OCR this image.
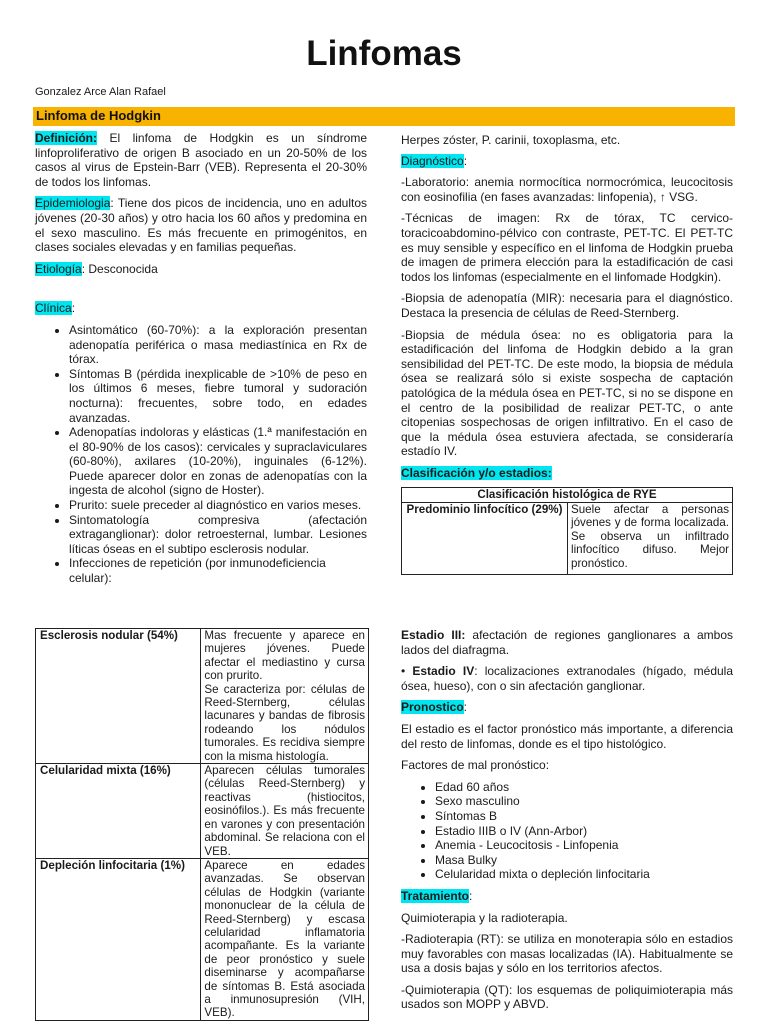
Linfomas
Gonzalez Arce Alan Rafael
Linfoma de Hodgkin

Definición: El linfoma de Hodgkin es un síndrome linfoproliferativo de origen B asociado en un 20-50% de los casos al virus de Epstein-Barr (VEB). Representa el 20-30% de todos los linfomas.

Epidemiologia: Tiene dos picos de incidencia, uno en adultos jóvenes (20-30 años) y otro hacia los 60 años y predomina en el sexo masculino. Es más frecuente en primogénitos, en clases sociales elevadas y en familias pequeñas.

Etiología: Desconocida

Clínica:

• Asintomático (60-70%): a la exploración presentan adenopatía periférica o masa mediastínica en Rx de tórax.
• Síntomas B (pérdida inexplicable de >10% de peso en los últimos 6 meses, fiebre tumoral y sudoración nocturna): frecuentes, sobre todo, en edades avanzadas.
• Adenopatías indoloras y elásticas (1.ª manifestación en el 80-90% de los casos): cervicales y supraclaviculares (60-80%), axilares (10-20%), inguinales (6-12%). Puede aparecer dolor en zonas de adenopatías con la ingesta de alcohol (signo de Hoster).
• Prurito: suele preceder al diagnóstico en varios meses.
• Sintomatología compresiva (afectación extraganglionar): dolor retroesternal, lumbar. Lesiones líticas óseas en el subtipo esclerosis nodular.
• Infecciones de repetición (por inmunodeficiencia celular):

Herpes zóster, P. carinii, toxoplasma, etc.

Diagnóstico:

-Laboratorio: anemia normocítica normocrómica, leucocitosis con eosinofilia (en fases avanzadas: linfopenia), ↑ VSG.

-Técnicas de imagen: Rx de tórax, TC cervico-toracicoabdomino-pélvico con contraste, PET-TC. El PET-TC es muy sensible y específico en el linfoma de Hodgkin prueba de imagen de primera elección para la estadificación de casi todos los linfomas (especialmente en el linfomade Hodgkin).

-Biopsia de adenopatía (MIR): necesaria para el diagnóstico. Destaca la presencia de células de Reed-Sternberg.

-Biopsia de médula ósea: no es obligatoria para la estadificación del linfoma de Hodgkin debido a la gran sensibilidad del PET-TC. De este modo, la biopsia de médula ósea se realizará sólo si existe sospecha de captación patológica de la médula ósea en PET-TC, si no se dispone en el centro de la posibilidad de realizar PET-TC, o ante citopenias sospechosas de origen infiltrativo. En el caso de que la médula ósea estuviera afectada, se consideraría estadío IV.

Clasificación y/o estadios:

Clasificación histológica de RYE
Predominio linfocítico (29%)	Suele afectar a personas jóvenes y de forma localizada. Se observa un infiltrado linfocítico difuso. Mejor pronóstico.
Esclerosis nodular (54%)	Mas frecuente y aparece en mujeres jóvenes. Puede afectar el mediastino y cursa con prurito.
Se caracteriza por: células de Reed-Sternberg, células lacunares y bandas de fibrosis rodeando los nódulos tumorales. Es recidiva siempre con la misma histología.
Celularidad mixta (16%)	Aparecen células tumorales (células Reed-Sternberg) y reactivas (histiocitos, eosinófilos.). Es más frecuente en varones y con presentación abdominal. Se relaciona con el VEB.
Depleción linfocitaria (1%)	Aparece en edades avanzadas. Se observan células de Hodgkin (variante mononuclear de la célula de Reed-Sternberg) y escasa celularidad inflamatoria acompañante. Es la variante de peor pronóstico y suele diseminarse y acompañarse de síntomas B. Está asociada a inmunosupresión (VIH, VEB).

Estadio III: afectación de regiones ganglionares a ambos lados del diafragma.

• Estadio IV: localizaciones extranodales (hígado, médula ósea, hueso), con o sin afectación ganglionar.

Pronostico:

El estadio es el factor pronóstico más importante, a diferencia del resto de linfomas, donde es el tipo histológico.

Factores de mal pronóstico:

• Edad 60 años
• Sexo masculino
• Síntomas B
• Estadio IIIB o IV (Ann-Arbor)
• Anemia - Leucocitosis - Linfopenia
• Masa Bulky
• Celularidad mixta o depleción linfocitaria

Tratamiento:

Quimioterapia y la radioterapia.

-Radioterapia (RT): se utiliza en monoterapia sólo en estadios muy favorables con masas localizadas (IA). Habitualmente se usa a dosis bajas y sólo en los territorios afectos.

-Quimioterapia (QT): los esquemas de poliquimioterapia más usados son MOPP y ABVD.
